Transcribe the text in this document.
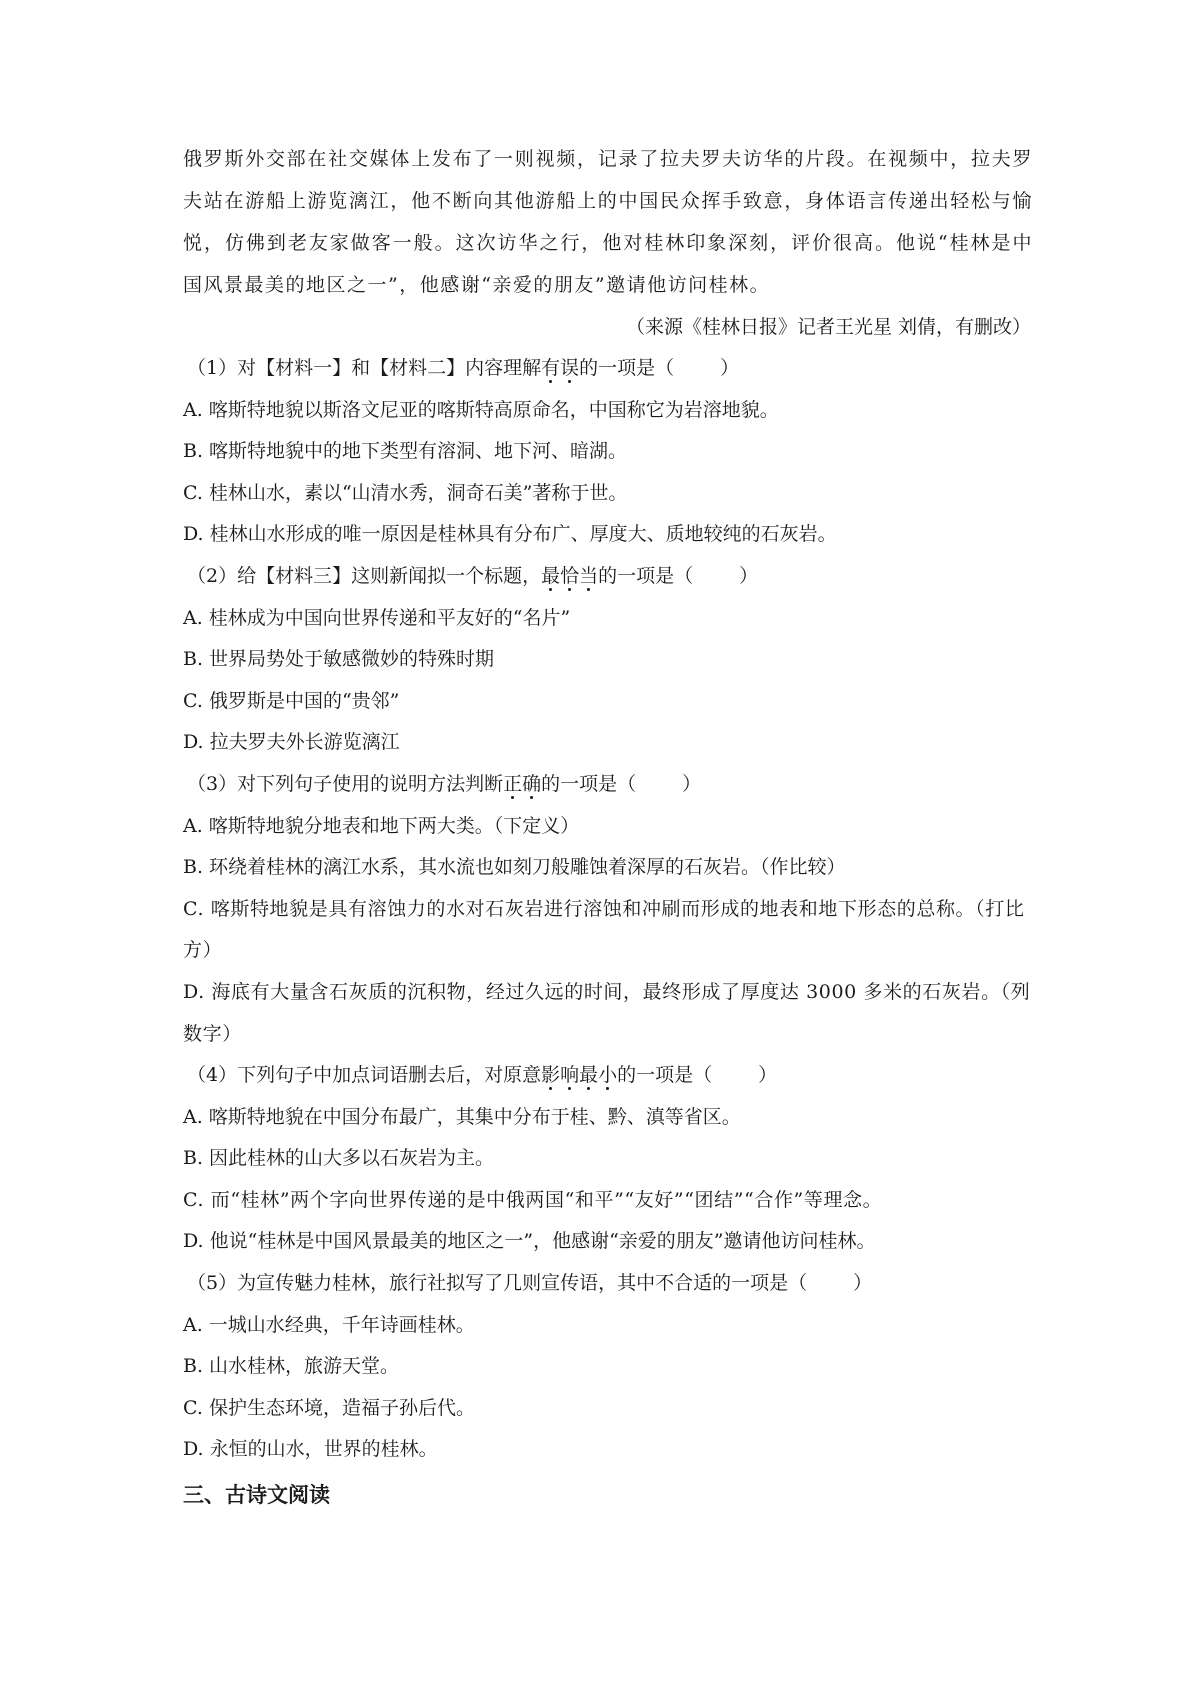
俄罗斯外交部在社交媒体上发布了一则视频，记录了拉夫罗夫访华的片段。在视频中，拉夫罗夫站在游船上游览漓江，他不断向其他游船上的中国民众挥手致意，身体语言传递出轻松与愉悦，仿佛到老友家做客一般。这次访华之行，他对桂林印象深刻，评价很高。他说“桂林是中国风景最美的地区之一”，他感谢“亲爱的朋友”邀请他访问桂林。

（来源《桂林日报》记者王光星 刘倩，有删改）

（1）对【材料一】和【材料二】内容理解有误的一项是（ ）

A. 喀斯特地貌以斯洛文尼亚的喀斯特高原命名，中国称它为岩溶地貌。

B. 喀斯特地貌中的地下类型有溶洞、地下河、暗湖。

C. 桂林山水，素以“山清水秀，洞奇石美”著称于世。

D. 桂林山水形成的唯一原因是桂林具有分布广、厚度大、质地较纯的石灰岩。

（2）给【材料三】这则新闻拟一个标题，最恰当的一项是（ ）

A. 桂林成为中国向世界传递和平友好的“名片”

B. 世界局势处于敏感微妙的特殊时期

C. 俄罗斯是中国的“贵邻”

D. 拉夫罗夫外长游览漓江

（3）对下列句子使用的说明方法判断正确的一项是（ ）

A. 喀斯特地貌分地表和地下两大类。（下定义）

B. 环绕着桂林的漓江水系，其水流也如刻刀般雕蚀着深厚的石灰岩。（作比较）

C. 喀斯特地貌是具有溶蚀力的水对石灰岩进行溶蚀和冲刷而形成的地表和地下形态的总称。（打比方）

D. 海底有大量含石灰质的沉积物，经过久远的时间，最终形成了厚度达 3000 多米的石灰岩。（列数字）

（4）下列句子中加点词语删去后，对原意影响最小的一项是（ ）

A. 喀斯特地貌在中国分布最广，其集中分布于桂、黔、滇等省区。

B. 因此桂林的山大多以石灰岩为主。

C. 而“桂林”两个字向世界传递的是中俄两国“和平”“友好”“团结”“合作”等理念。

D. 他说“桂林是中国风景最美的地区之一”，他感谢“亲爱的朋友”邀请他访问桂林。

（5）为宣传魅力桂林，旅行社拟写了几则宣传语，其中不合适的一项是（ ）

A. 一城山水经典，千年诗画桂林。

B. 山水桂林，旅游天堂。

C. 保护生态环境，造福子孙后代。

D. 永恒的山水，世界的桂林。

三、古诗文阅读
